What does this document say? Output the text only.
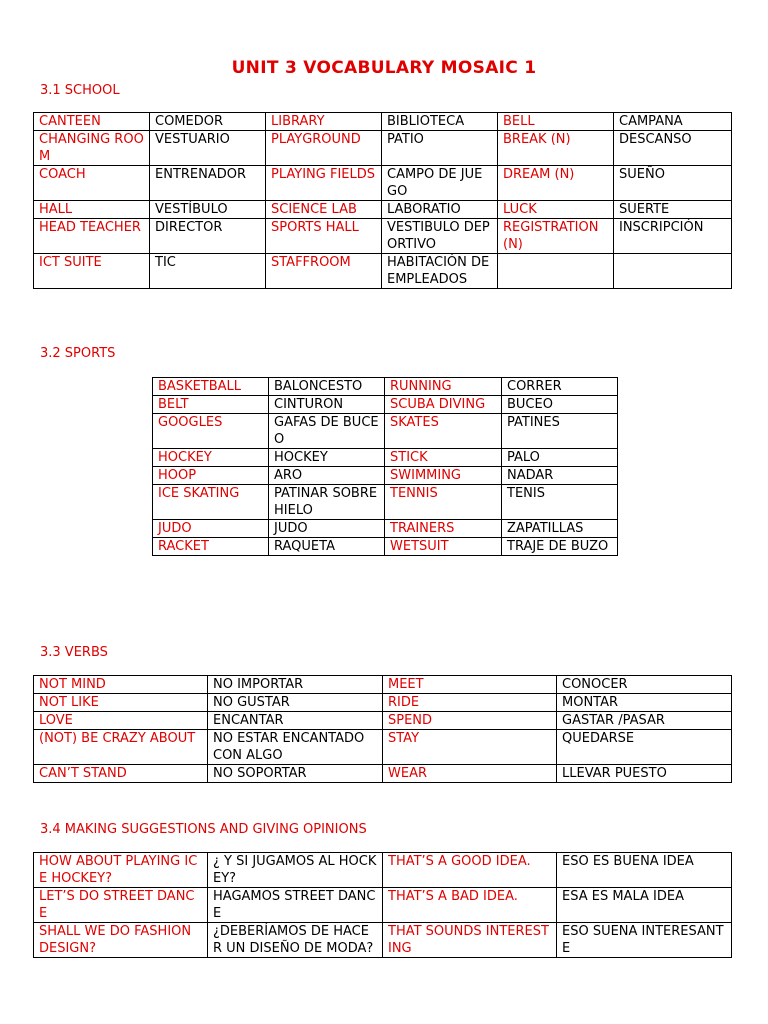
UNIT 3 VOCABULARY MOSAIC 1
3.1 SCHOOL
CANTEEN	COMEDOR	LIBRARY	BIBLIOTECA	BELL	CAMPANA
CHANGING ROOM	VESTUARIO	PLAYGROUND	PATIO	BREAK (N)	DESCANSO
COACH	ENTRENADOR	PLAYING FIELDS	CAMPO DE JUEGO	DREAM (N)	SUEÑO
HALL	VESTÍBULO	SCIENCE LAB	LABORATIO	LUCK	SUERTE
HEAD TEACHER	DIRECTOR	SPORTS HALL	VESTIBULO DEPORTIVO	REGISTRATION (N)	INSCRIPCIÓN
ICT SUITE	TIC	STAFFROOM	HABITACIÓN DE EMPLEADOS		
3.2 SPORTS
BASKETBALL	BALONCESTO	RUNNING	CORRER
BELT	CINTURON	SCUBA DIVING	BUCEO
GOOGLES	GAFAS DE BUCEO	SKATES	PATINES
HOCKEY	HOCKEY	STICK	PALO
HOOP	ARO	SWIMMING	NADAR
ICE SKATING	PATINAR SOBRE HIELO	TENNIS	TENIS
JUDO	JUDO	TRAINERS	ZAPATILLAS
RACKET	RAQUETA	WETSUIT	TRAJE DE BUZO
3.3 VERBS
NOT MIND	NO IMPORTAR	MEET	CONOCER
NOT LIKE	NO GUSTAR	RIDE	MONTAR
LOVE	ENCANTAR	SPEND	GASTAR /PASAR
(NOT) BE CRAZY ABOUT	NO ESTAR ENCANTADO CON ALGO	STAY	QUEDARSE
CAN’T STAND	NO SOPORTAR	WEAR	LLEVAR PUESTO
3.4 MAKING SUGGESTIONS AND GIVING OPINIONS
HOW ABOUT PLAYING ICE HOCKEY?	¿ Y SI JUGAMOS AL HOCKEY?	THAT’S A GOOD IDEA.	ESO ES BUENA IDEA
LET’S DO STREET DANCE	HAGAMOS STREET DANCE	THAT’S A BAD IDEA.	ESA ES MALA IDEA
SHALL WE DO FASHION DESIGN?	¿DEBERÍAMOS DE HACER UN DISEÑO DE MODA?	THAT SOUNDS INTERESTING	ESO SUENA INTERESANTE
